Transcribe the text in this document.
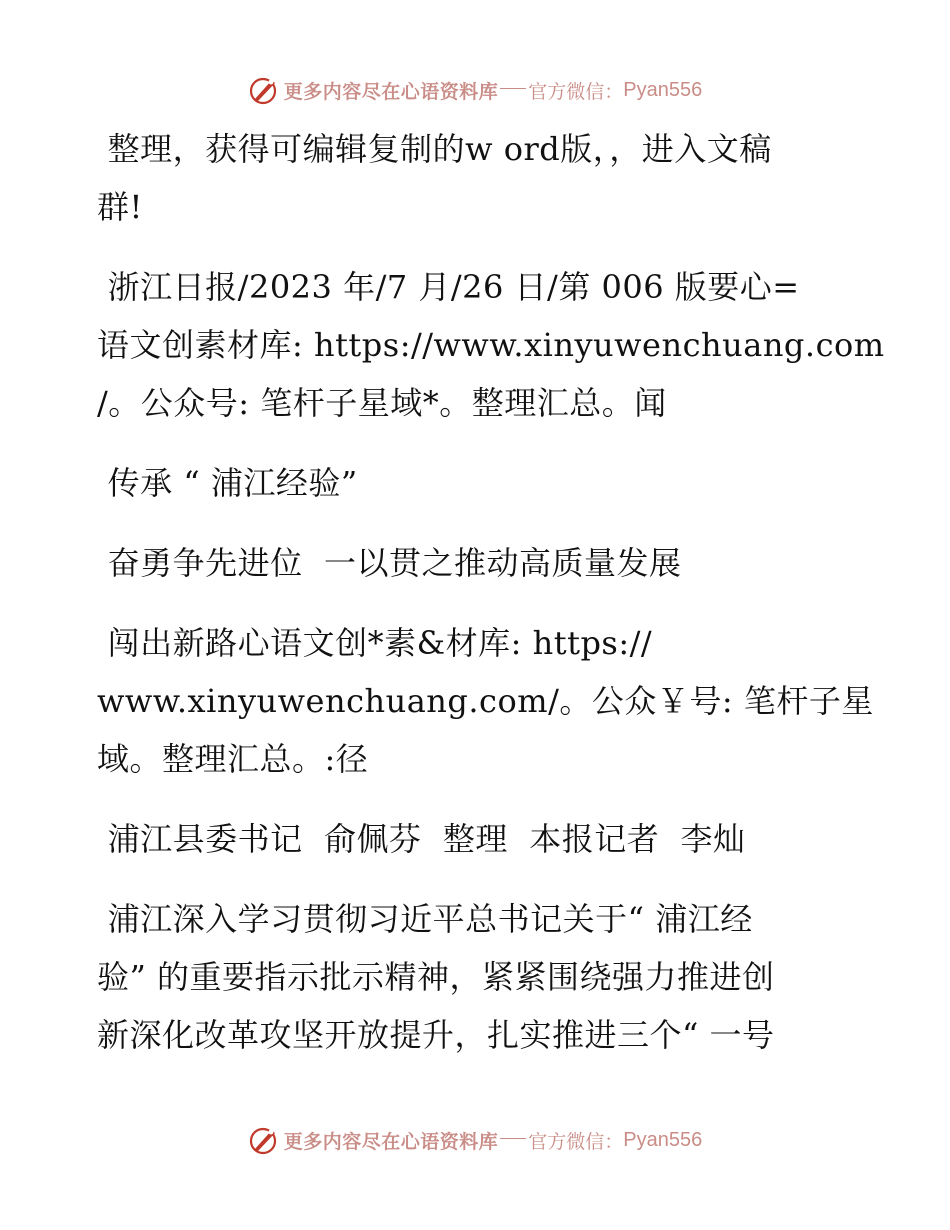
更多内容尽在心语资料库 官方微信： Pyan556
整理，获得可编辑复制的w ord版，，进入文稿
群!
浙江日报/2023 年/7 月/26 日/第 006 版要心=
语文创素材库: https://www.xinyuwenchuang.com
/。公众号: 笔杆子星域*。整理汇总。闻
传承 “ 浦江经验”
奋勇争先进位  一以贯之推动高质量发展
闯出新路心语文创*素&材库: https://
www.xinyuwenchuang.com/。公众￥号: 笔杆子星
域。整理汇总。:径
浦江县委书记  俞佩芬  整理  本报记者  李灿
浦江深入学习贯彻习近平总书记关于“ 浦江经
验” 的重要指示批示精神，紧紧围绕强力推进创
新深化改革攻坚开放提升，扎实推进三个“ 一号
更多内容尽在心语资料库 官方微信： Pyan556
